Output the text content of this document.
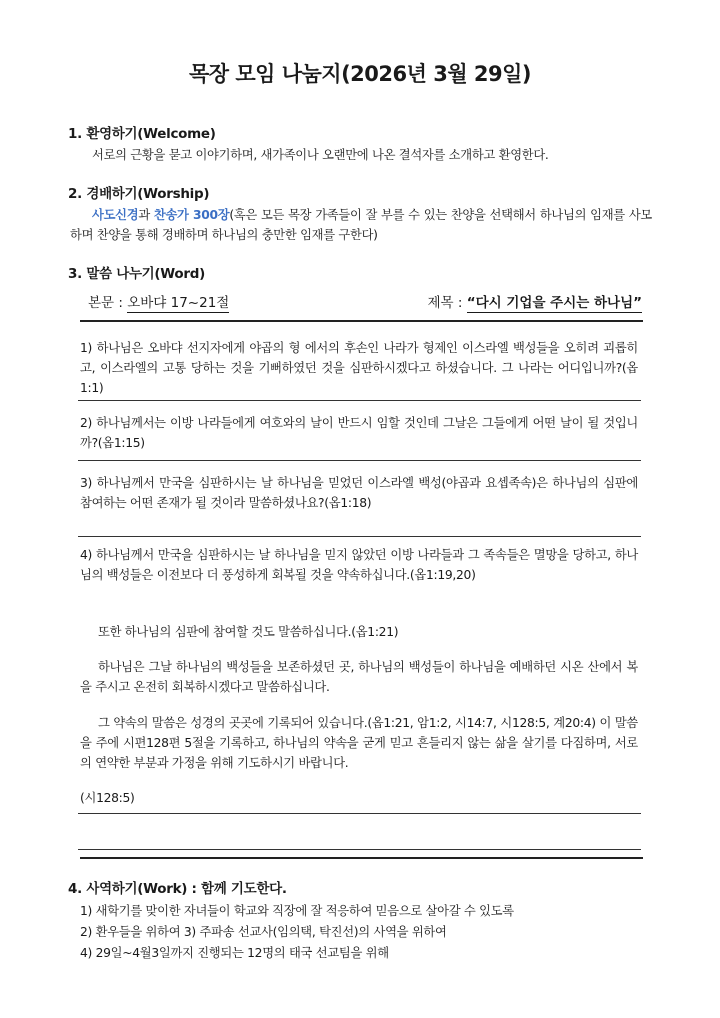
목장 모임 나눔지(2026년 3월 29일)
1. 환영하기(Welcome)
서로의 근황을 묻고 이야기하며, 새가족이나 오랜만에 나온 결석자를 소개하고 환영한다.
2. 경배하기(Worship)
사도신경과 찬송가 300장(혹은 모든 목장 가족들이 잘 부를 수 있는 찬양을 선택해서 하나님의 임재를 사모하며 찬양을 통해 경배하며 하나님의 충만한 임재를 구한다)
3. 말씀 나누기(Word)
본문 : 오바댜 17~21절	제목 : “다시 기업을 주시는 하나님”
1) 하나님은 오바댜 선지자에게 야곱의 형 에서의 후손인 나라가 형제인 이스라엘 백성들을 오히려 괴롭히고, 이스라엘의 고통 당하는 것을 기뻐하였던 것을 심판하시겠다고 하셨습니다. 그 나라는 어디입니까?(옵1:1)
2) 하나님께서는 이방 나라들에게 여호와의 날이 반드시 임할 것인데 그날은 그들에게 어떤 날이 될 것입니까?(옵1:15)
3) 하나님께서 만국을 심판하시는 날 하나님을 믿었던 이스라엘 백성(야곱과 요셉족속)은 하나님의 심판에 참여하는 어떤 존재가 될 것이라 말씀하셨나요?(옵1:18)
4) 하나님께서 만국을 심판하시는 날 하나님을 믿지 않았던 이방 나라들과 그 족속들은 멸망을 당하고, 하나님의 백성들은 이전보다 더 풍성하게 회복될 것을 약속하십니다.(옵1:19,20)
또한 하나님의 심판에 참여할 것도 말씀하십니다.(옵1:21)
하나님은 그날 하나님의 백성들을 보존하셨던 곳, 하나님의 백성들이 하나님을 예배하던 시온 산에서 복을 주시고 온전히 회복하시겠다고 말씀하십니다.
그 약속의 말씀은 성경의 곳곳에 기록되어 있습니다.(옵1:21, 암1:2, 시14:7, 시128:5, 계20:4) 이 말씀을 주에 시편128편 5절을 기록하고, 하나님의 약속을 굳게 믿고 흔들리지 않는 삶을 살기를 다짐하며, 서로의 연약한 부분과 가정을 위해 기도하시기 바랍니다.
(시128:5)
4. 사역하기(Work) : 함께 기도한다.
1) 새학기를 맞이한 자녀들이 학교와 직장에 잘 적응하여 믿음으로 살아갈 수 있도록
2) 환우들을 위하여 3) 주파송 선교사(임의택, 탁진선)의 사역을 위하여
4) 29일~4월3일까지 진행되는 12명의 태국 선교팀을 위해
